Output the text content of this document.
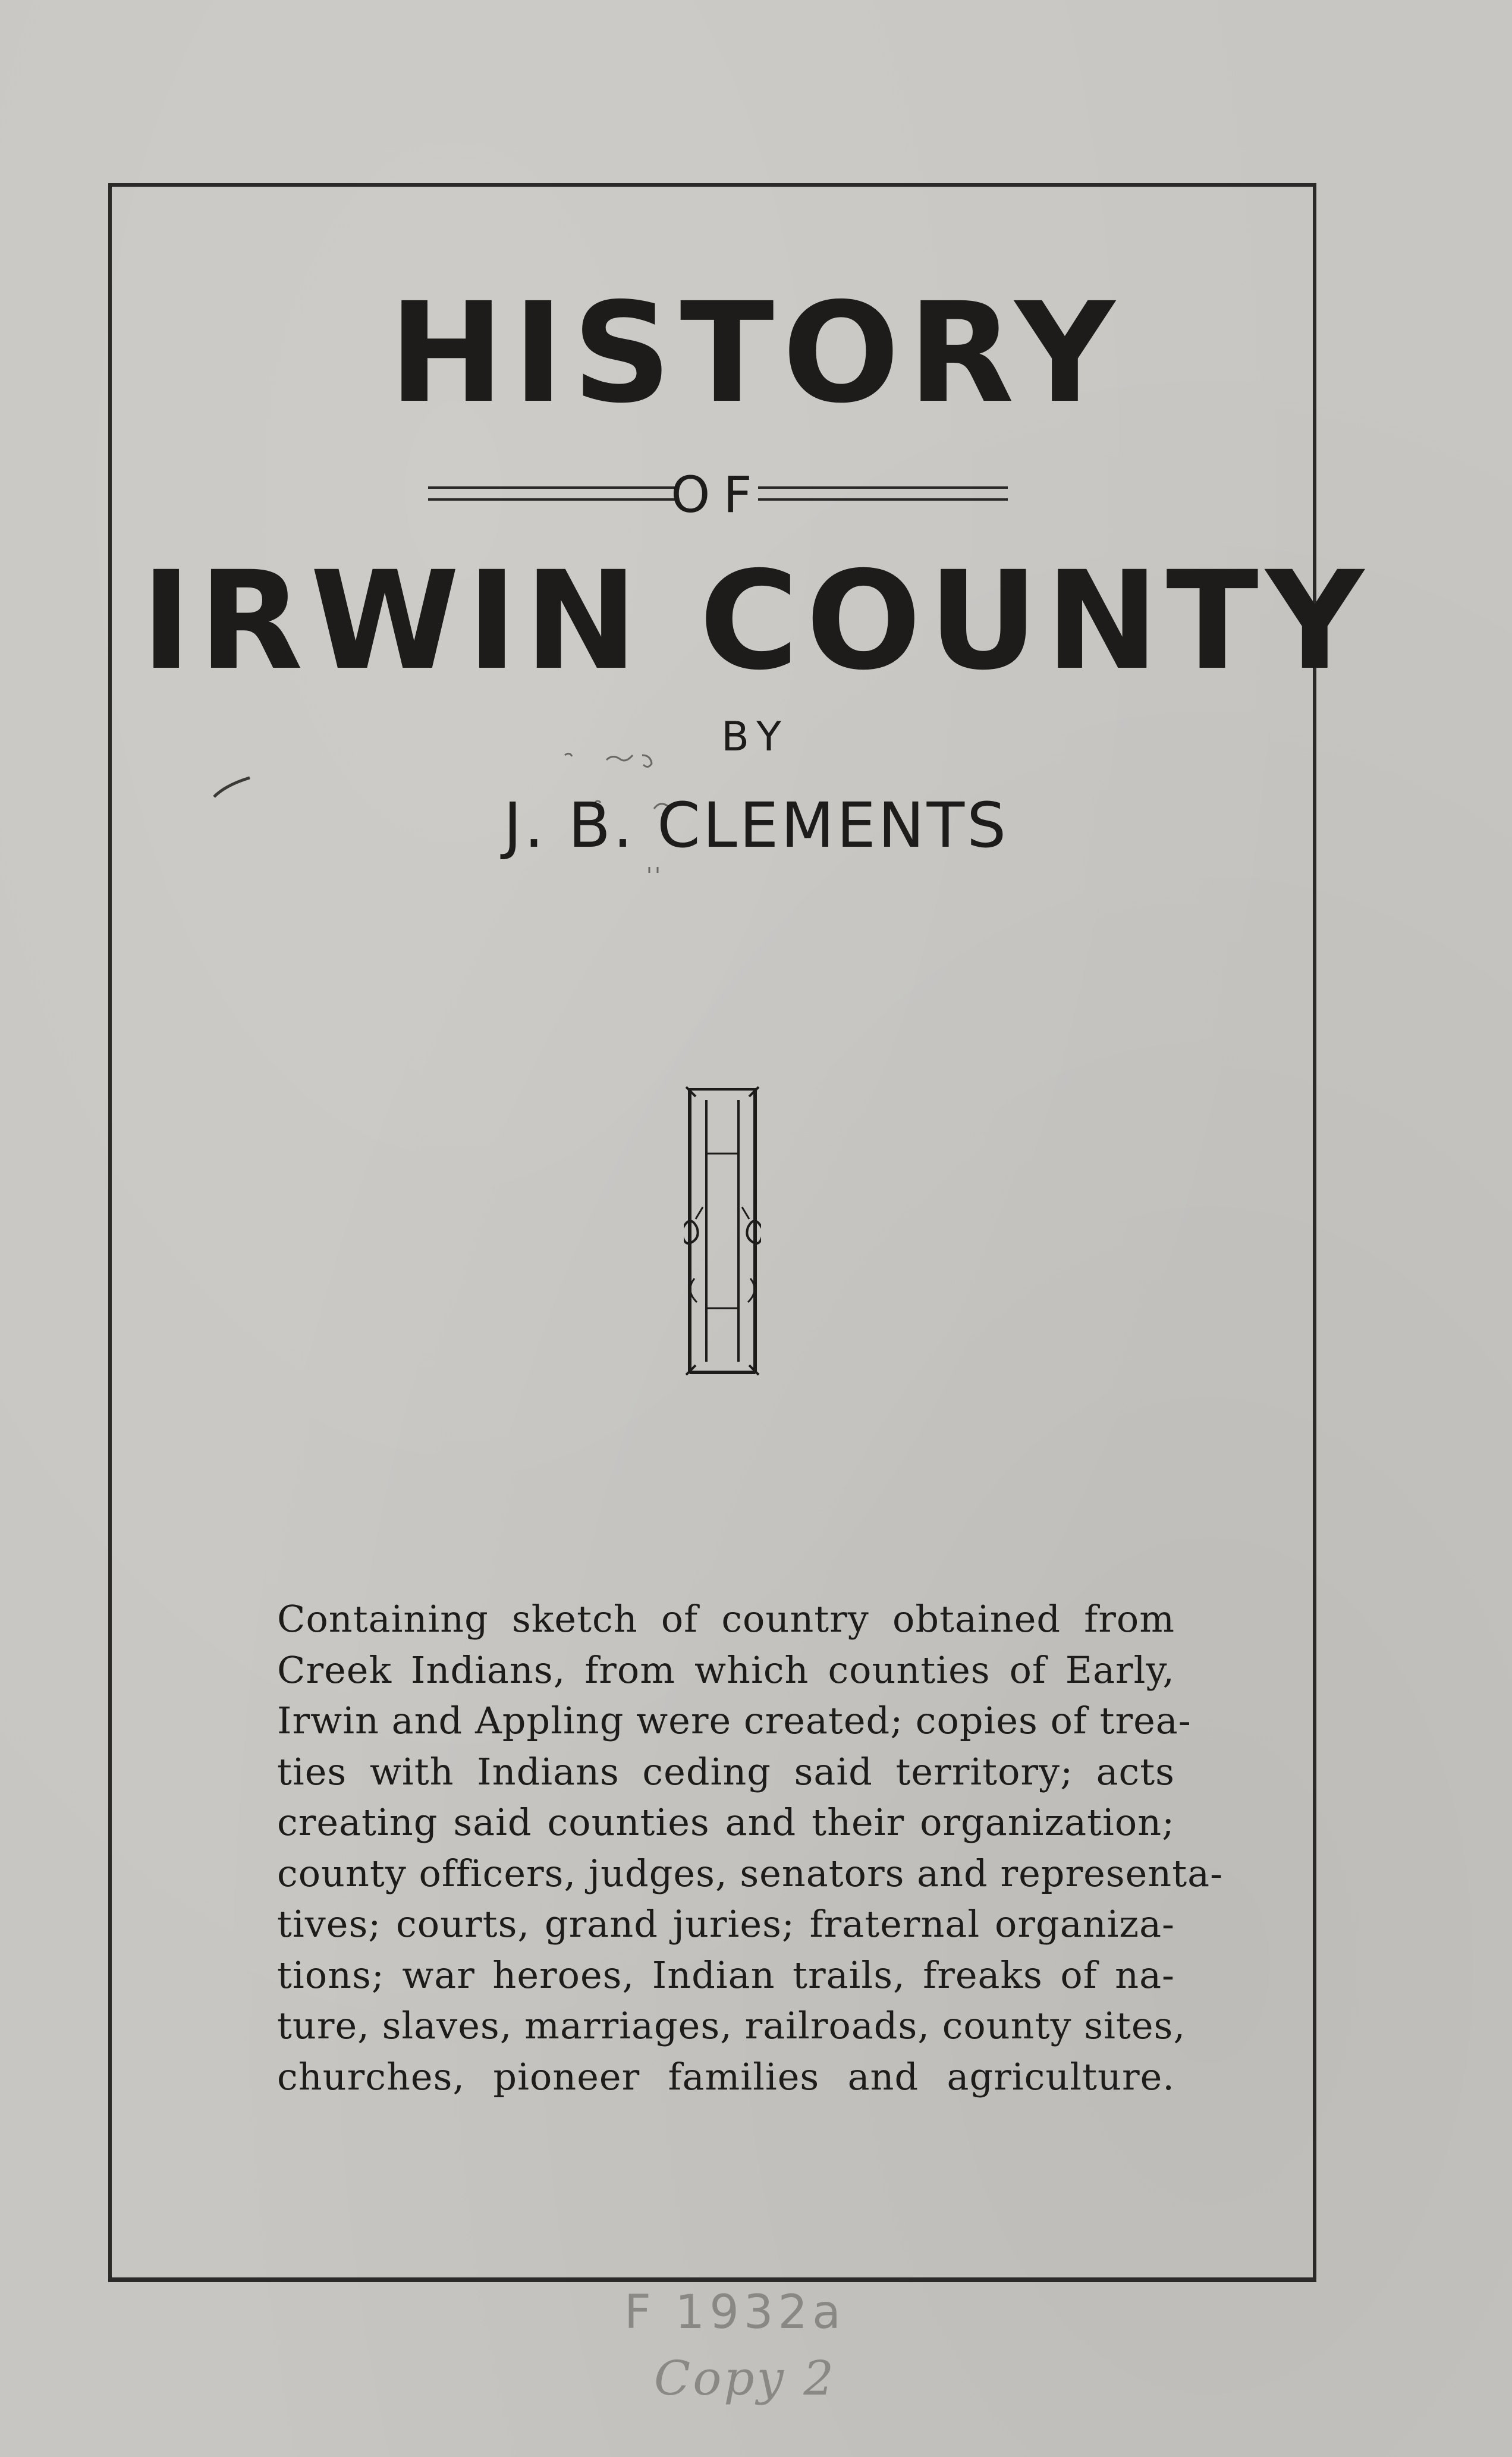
HISTORY
OF
IRWIN COUNTY
BY
J. B. CLEMENTS
Containing sketch of country obtained from
Creek Indians, from which counties of Early,
Irwin and Appling were created; copies of trea-
ties with Indians ceding said territory; acts
creating said counties and their organization;
county officers, judges, senators and representa-
tives; courts, grand juries; fraternal organiza-
tions; war heroes, Indian trails, freaks of na-
ture, slaves, marriages, railroads, county sites,
churches, pioneer families and agriculture.
F 1932a
Copy 2
